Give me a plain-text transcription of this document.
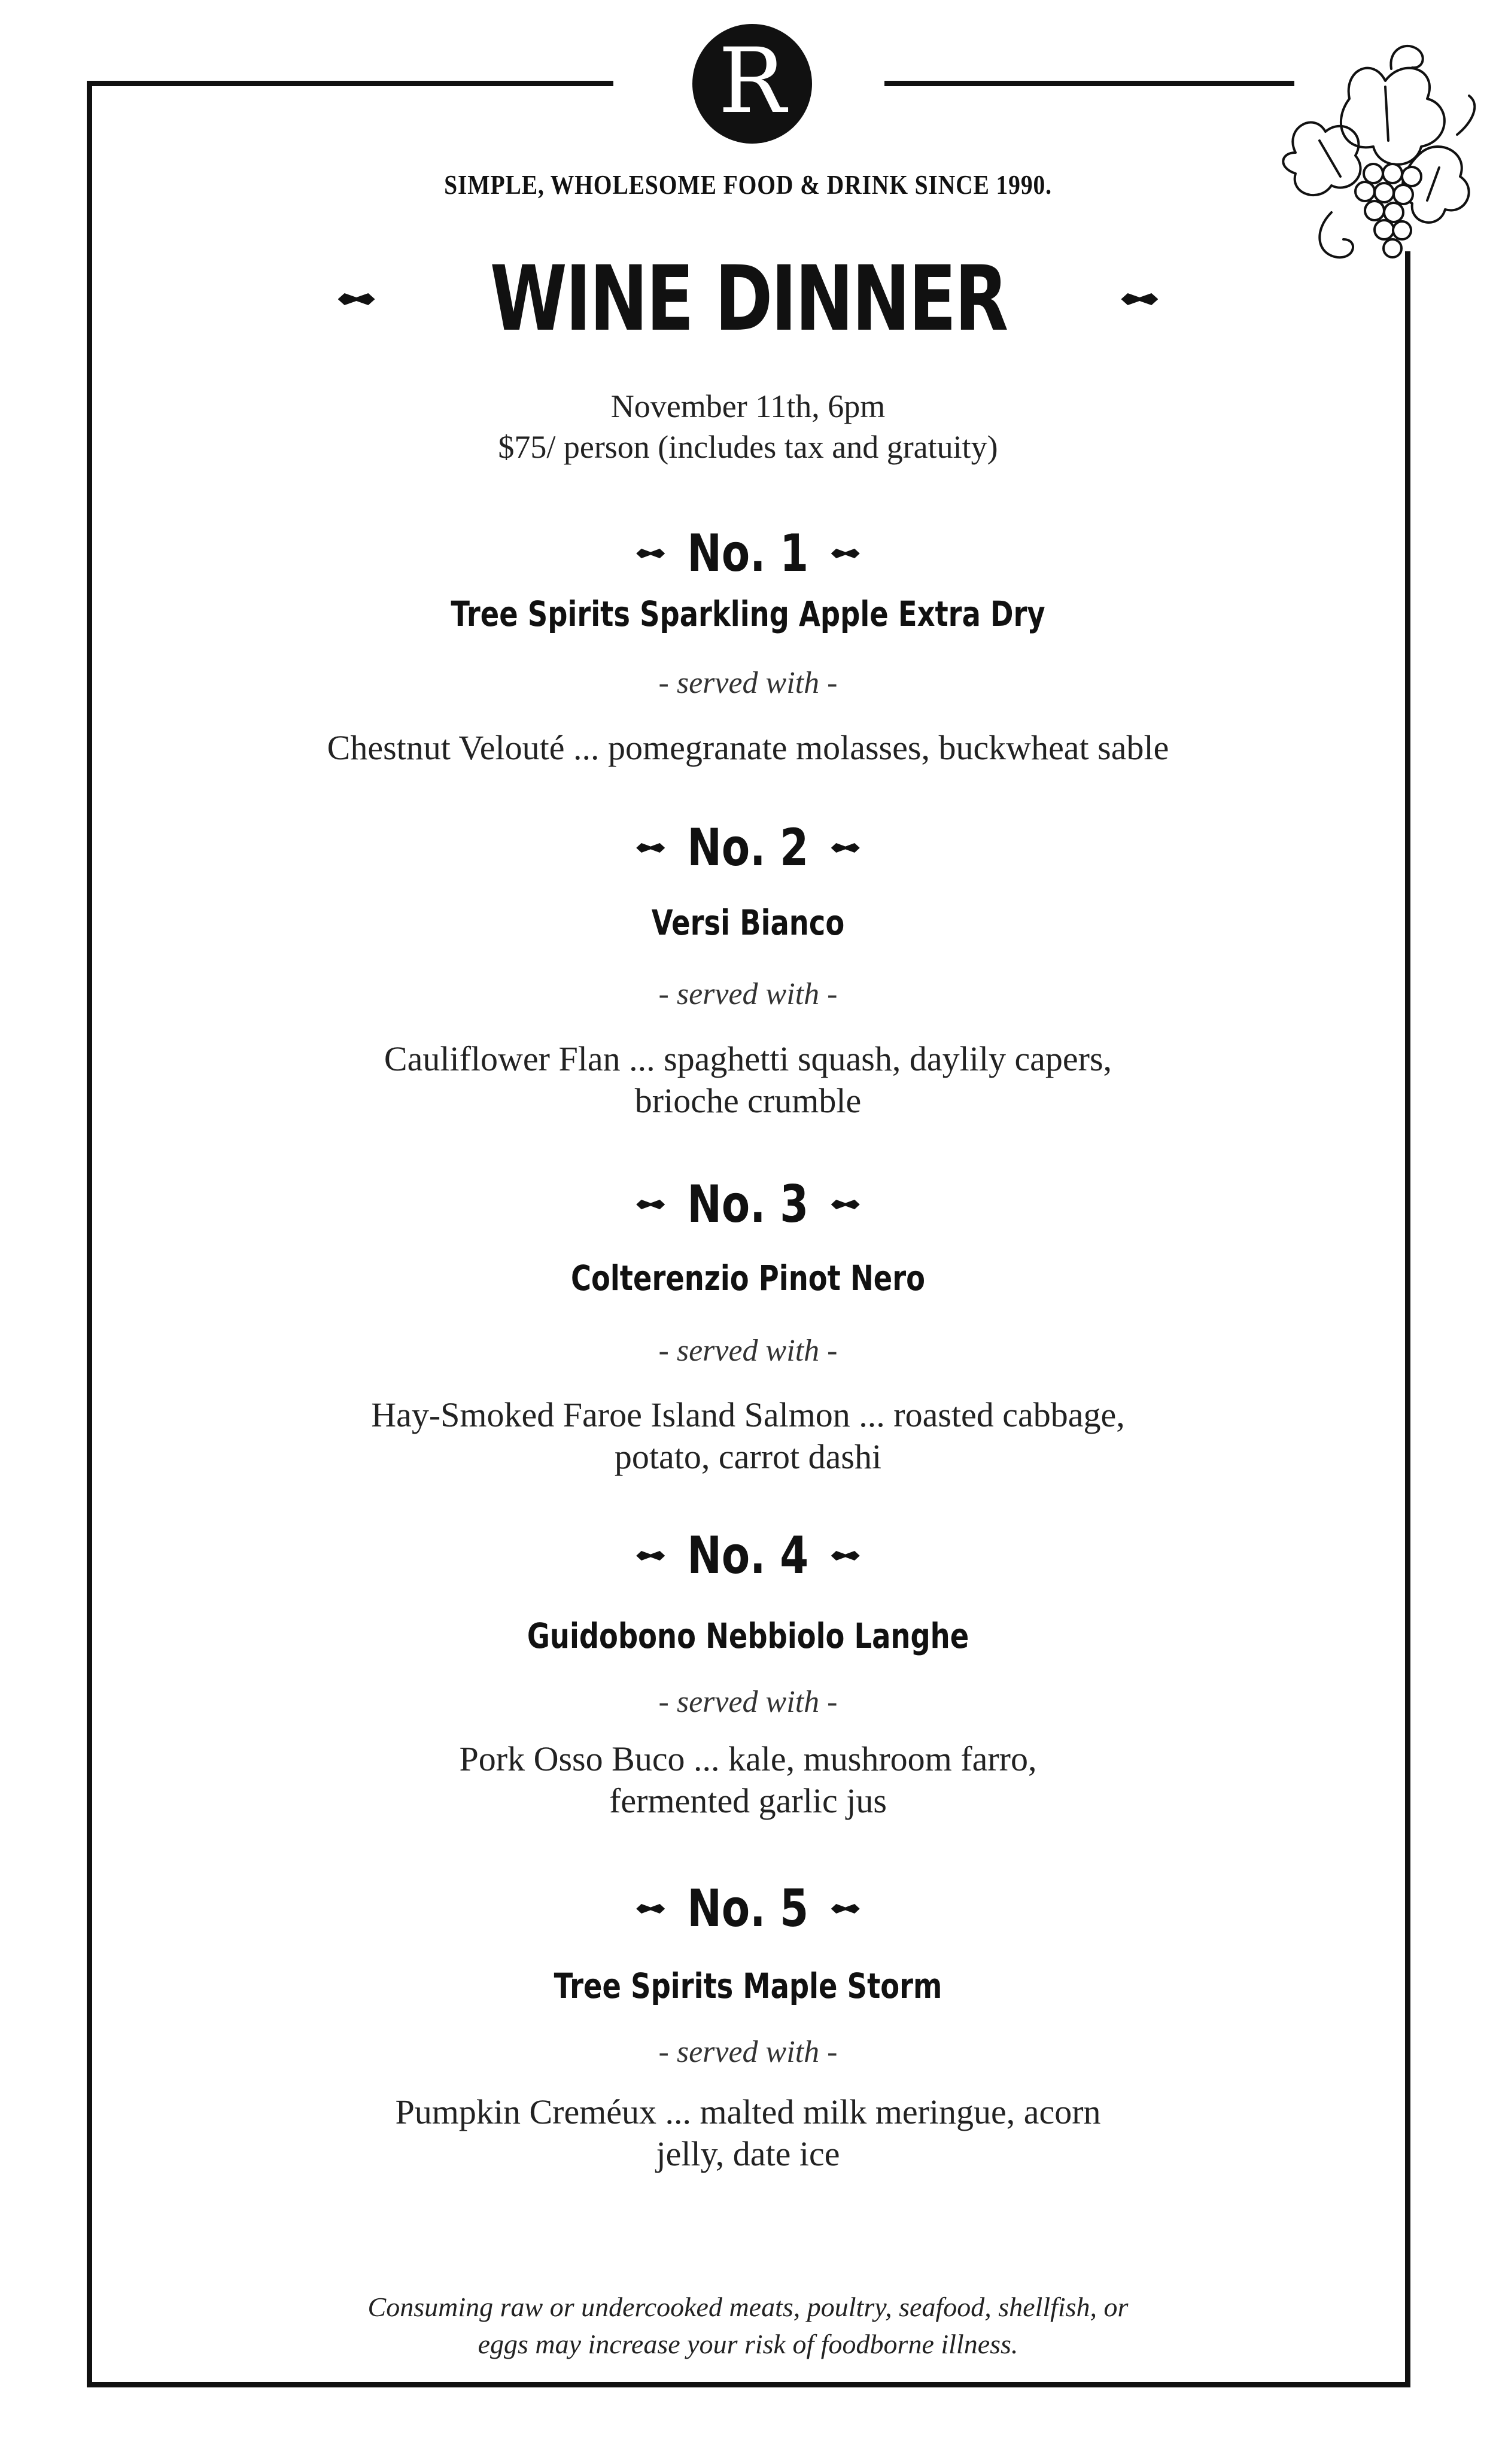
R
SIMPLE, WHOLESOME FOOD & DRINK SINCE 1990.
WINE DINNER
November 11th, 6pm
$75/ person (includes tax and gratuity)
No. 1
Tree Spirits Sparkling Apple Extra Dry
- served with -
Chestnut Velouté ... pomegranate molasses, buckwheat sable
No. 2
Versi Bianco
- served with -
Cauliflower Flan ... spaghetti squash, daylily capers,
brioche crumble
No. 3
Colterenzio Pinot Nero
- served with -
Hay-Smoked Faroe Island Salmon ... roasted cabbage,
potato, carrot dashi
No. 4
Guidobono Nebbiolo Langhe
- served with -
Pork Osso Buco ... kale, mushroom farro,
fermented garlic jus
No. 5
Tree Spirits Maple Storm
- served with -
Pumpkin Creméux ... malted milk meringue, acorn
jelly, date ice
Consuming raw or undercooked meats, poultry, seafood, shellfish, or
eggs may increase your risk of foodborne illness.
